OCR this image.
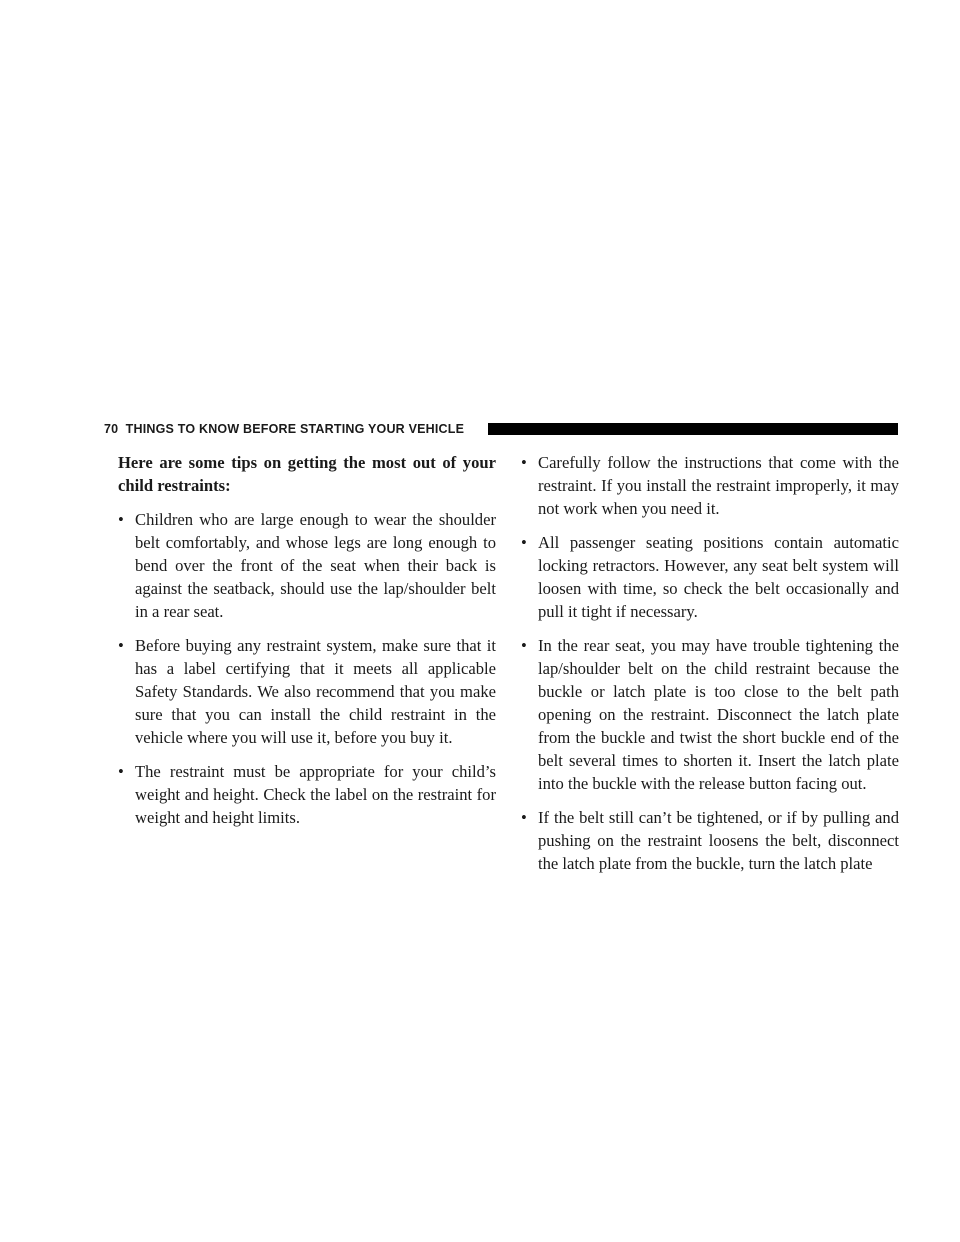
70 THINGS TO KNOW BEFORE STARTING YOUR VEHICLE

Here are some tips on getting the most out of your child restraints:

• Children who are large enough to wear the shoulder belt comfortably, and whose legs are long enough to bend over the front of the seat when their back is against the seatback, should use the lap/shoulder belt in a rear seat.
• Before buying any restraint system, make sure that it has a label certifying that it meets all applicable Safety Standards. We also recommend that you make sure that you can install the child restraint in the vehicle where you will use it, before you buy it.
• The restraint must be appropriate for your child’s weight and height. Check the label on the restraint for weight and height limits.
• Carefully follow the instructions that come with the restraint. If you install the restraint improperly, it may not work when you need it.
• All passenger seating positions contain automatic locking retractors. However, any seat belt system will loosen with time, so check the belt occasionally and pull it tight if necessary.
• In the rear seat, you may have trouble tightening the lap/shoulder belt on the child restraint because the buckle or latch plate is too close to the belt path opening on the restraint. Disconnect the latch plate from the buckle and twist the short buckle end of the belt several times to shorten it. Insert the latch plate into the buckle with the release button facing out.
• If the belt still can’t be tightened, or if by pulling and pushing on the restraint loosens the belt, disconnect the latch plate from the buckle, turn the latch plate
